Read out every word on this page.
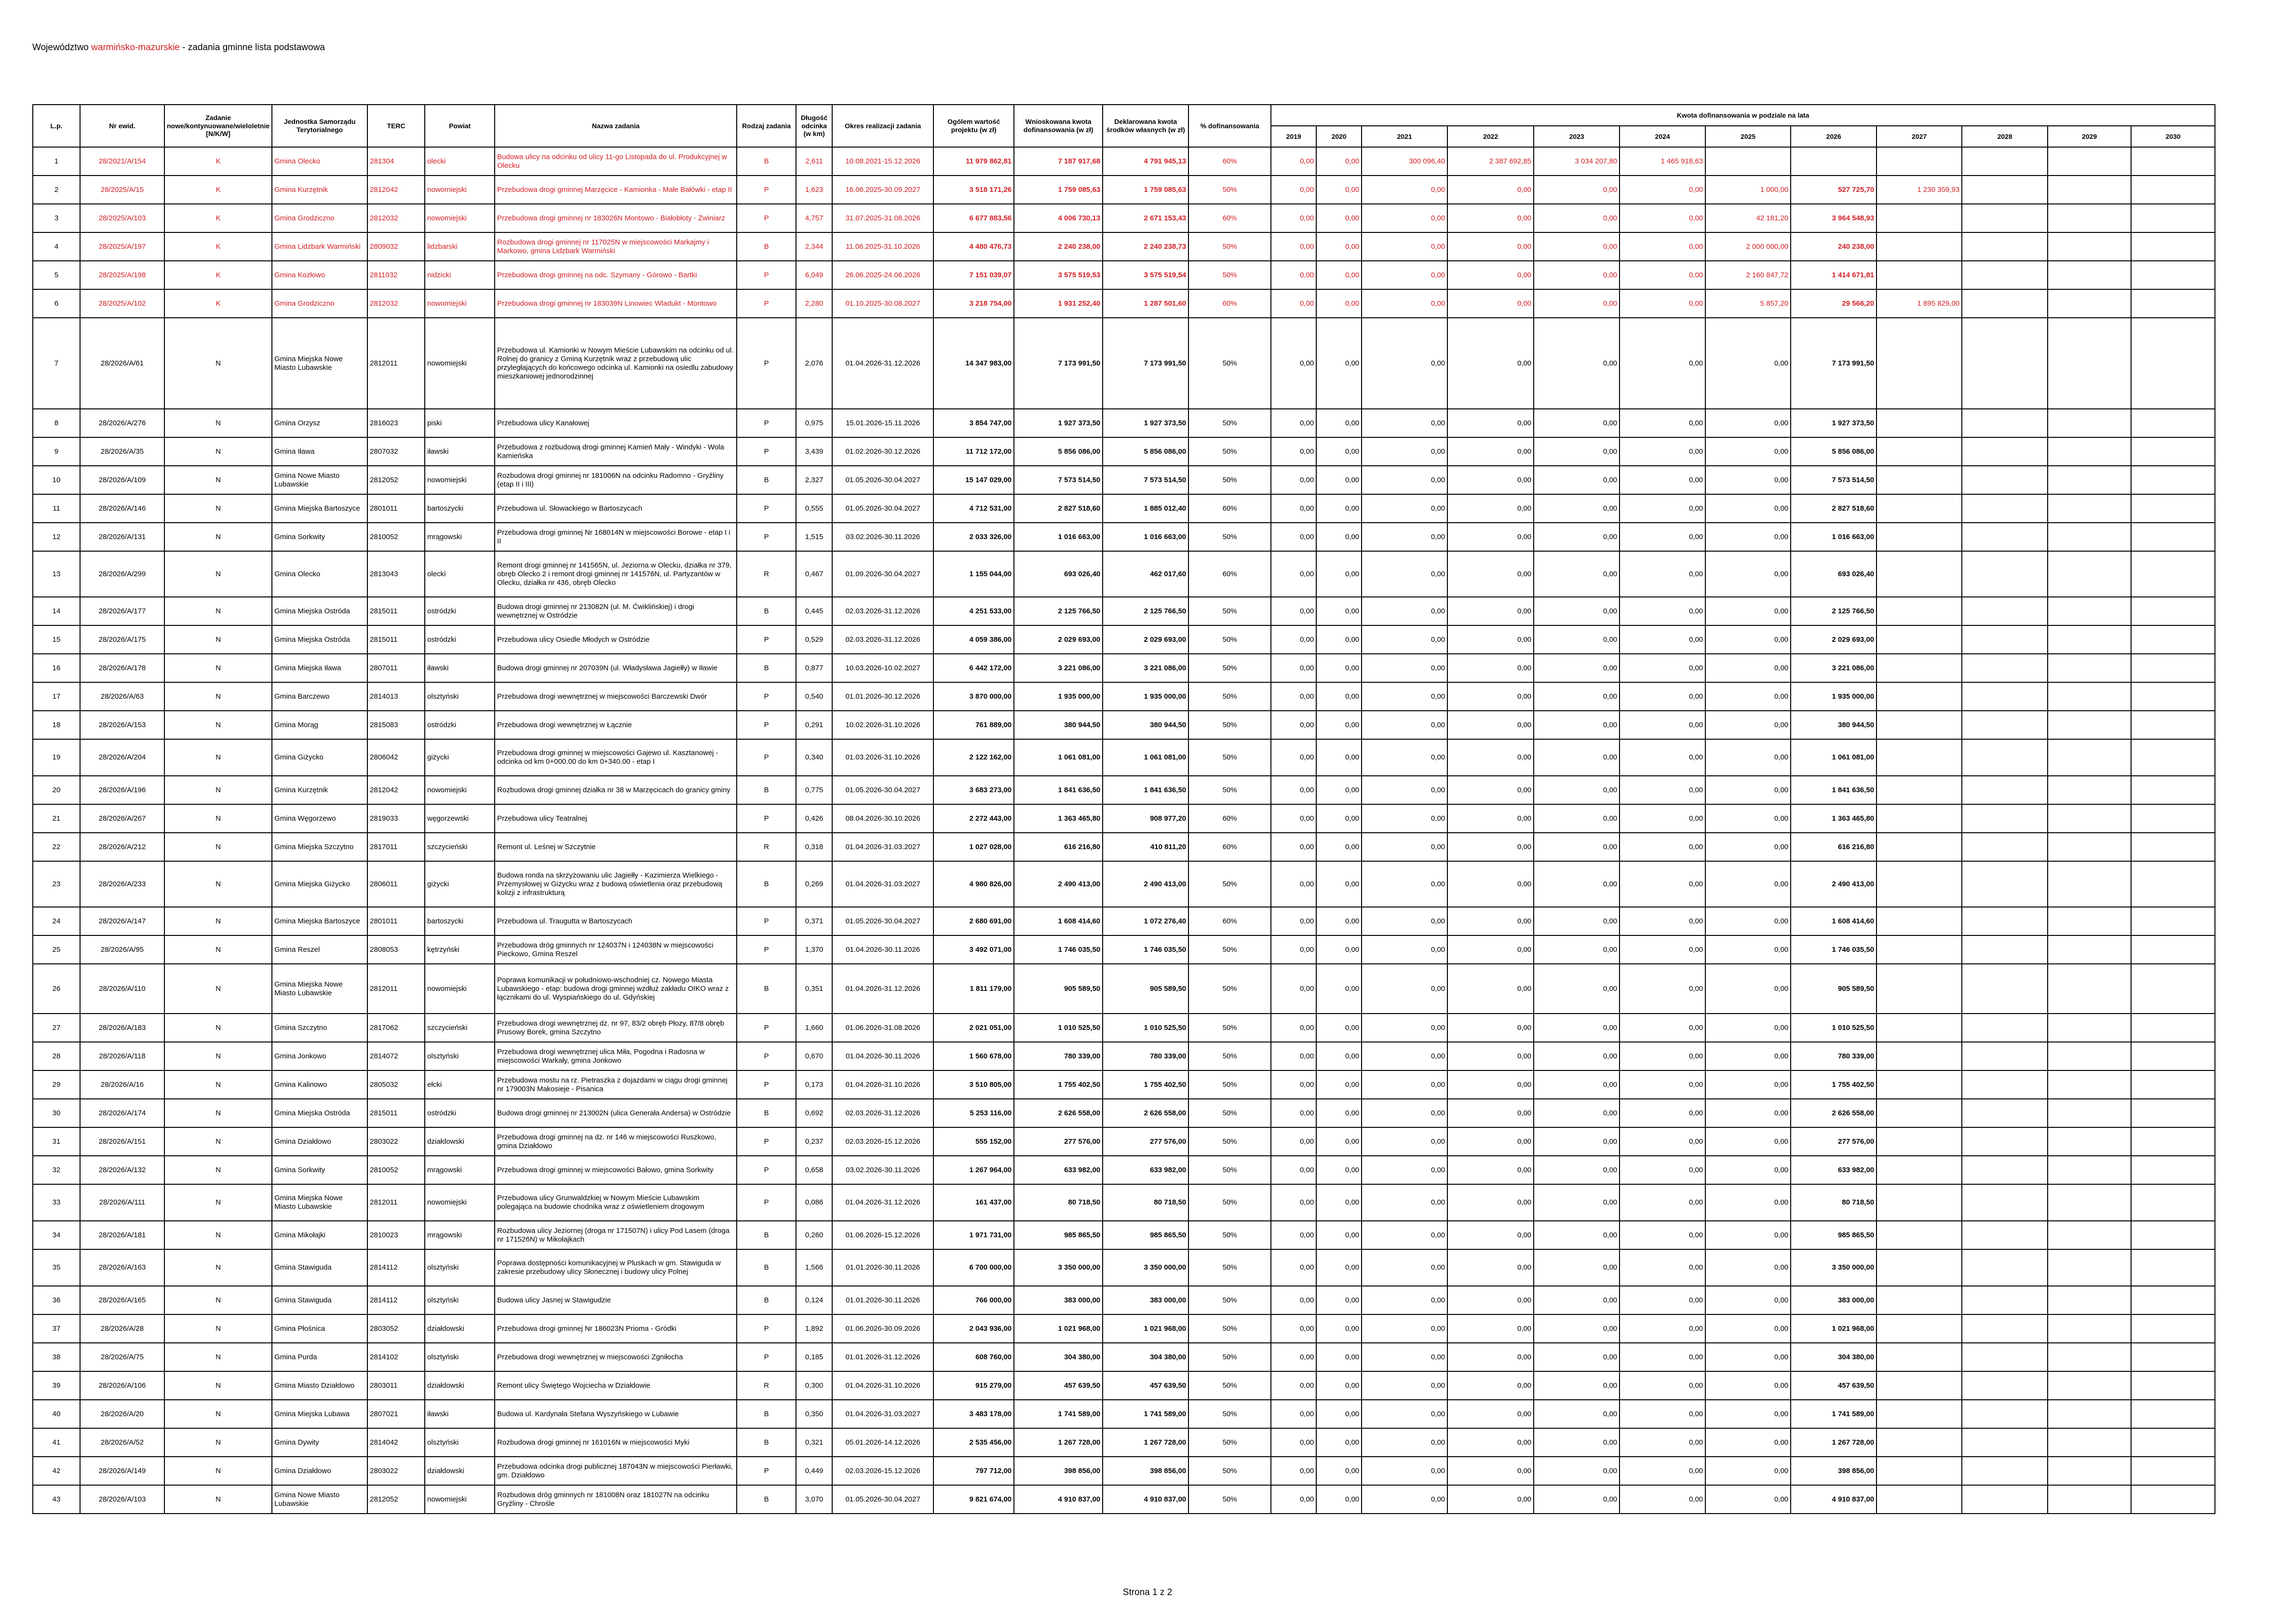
Województwo warmińsko-mazurskie - zadania gminne lista podstawowa
L.p.	Nr ewid.	Zadanie nowe/kontynuowane/wieloletnie [N/K/W]	Jednostka Samorządu Terytorialnego	TERC	Powiat	Nazwa zadania	Rodzaj zadania	Długość odcinka (w km)	Okres realizacji zadania	Ogólem wartość projektu (w zł)	Wnioskowana kwota dofinansowania (w zł)	Deklarowana kwota środków własnych (w zł)	% dofinansowania	Kwota dofinansowania w podziale na lata											
														2019	2020	2021	2022	2023	2024	2025	2026	2027	2028	2029	2030
1	28/2021/A/154	K	Gmina Olecko	281304	olecki	Budowa ulicy na odcinku od ulicy 11-go Listopada do ul. Produkcyjnej w Olecku	B	2,611	10.08.2021-15.12.2026	11 979 862,81	7 187 917,68	4 791 945,13	60%	0,00	0,00	300 096,40	2 387 692,85	3 034 207,80	1 465 918,63						
2	28/2025/A/15	K	Gmina Kurzętnik	2812042	nowomiejski	Przebudowa drogi gminnej Marzęcice - Kamionka - Małe Bałówki - etap II	P	1,623	16.06.2025-30.09.2027	3 518 171,26	1 759 085,63	1 759 085,63	50%	0,00	0,00	0,00	0,00	0,00	0,00	1 000,00	527 725,70	1 230 359,93			
3	28/2025/A/103	K	Gmina Grodziczno	2812032	nowomiejski	Przebudowa drogi gminnej nr 183026N Montowo - Białobłoty - Zwiniarz	P	4,757	31.07.2025-31.08.2026	6 677 883,56	4 006 730,13	2 671 153,43	60%	0,00	0,00	0,00	0,00	0,00	0,00	42 181,20	3 964 548,93				
4	28/2025/A/197	K	Gmina Lidzbark Warmiński	2809032	lidzbarski	Rozbudowa drogi gminnej nr 117025N w miejscowości Markajmy i Markowo, gmina Lidzbark Warmiński	B	2,344	11.06.2025-31.10.2026	4 480 476,73	2 240 238,00	2 240 238,73	50%	0,00	0,00	0,00	0,00	0,00	0,00	2 000 000,00	240 238,00				
5	28/2025/A/198	K	Gmina Kozłowo	2811032	nidzicki	Przebudowa drogi gminnej na odc. Szymany - Górowo - Bartki	P	6,049	26.06.2025-24.06.2026	7 151 039,07	3 575 519,53	3 575 519,54	50%	0,00	0,00	0,00	0,00	0,00	0,00	2 160 847,72	1 414 671,81				
6	28/2025/A/102	K	Gmina Grodziczno	2812032	nowomiejski	Przebudowa drogi gminnej nr 183039N Linowiec Wladukt - Montowo	P	2,280	01.10.2025-30.08.2027	3 218 754,00	1 931 252,40	1 287 501,60	60%	0,00	0,00	0,00	0,00	0,00	0,00	5 857,20	29 566,20	1 895 829,00			
7	28/2026/A/61	N	Gmina Miejska Nowe Miasto Lubawskie	2812011	nowomiejski	Przebudowa ul. Kamionki w Nowym Mieście Lubawskim na odcinku od ul. Rolnej do granicy z Gminą Kurzętnik wraz z przebudową ulic przyległających do końcowego odcinka ul. Kamionki na osiedlu zabudowy mieszkaniowej jednorodzinnej	P	2,076	01.04.2026-31.12.2026	14 347 983,00	7 173 991,50	7 173 991,50	50%	0,00	0,00	0,00	0,00	0,00	0,00	0,00	7 173 991,50				
8	28/2026/A/276	N	Gmina Orzysz	2816023	piski	Przebudowa ulicy Kanałowej	P	0,975	15.01.2026-15.11.2026	3 854 747,00	1 927 373,50	1 927 373,50	50%	0,00	0,00	0,00	0,00	0,00	0,00	0,00	1 927 373,50				
9	28/2026/A/35	N	Gmina Iława	2807032	iławski	Przebudowa z rozbudową drogi gminnej Kamień Mały - Windyki - Wola Kamieńska	P	3,439	01.02.2026-30.12.2026	11 712 172,00	5 856 086,00	5 856 086,00	50%	0,00	0,00	0,00	0,00	0,00	0,00	0,00	5 856 086,00				
10	28/2026/A/109	N	Gmina Nowe Miasto Lubawskie	2812052	nowomiejski	Rozbudowa drogi gminnej nr 181006N na odcinku Radomno - Gryźliny (etap II i III)	B	2,327	01.05.2026-30.04.2027	15 147 029,00	7 573 514,50	7 573 514,50	50%	0,00	0,00	0,00	0,00	0,00	0,00	0,00	7 573 514,50				
11	28/2026/A/146	N	Gmina Miejska Bartoszyce	2801011	bartoszycki	Przebudowa ul. Słowackiego w Bartoszycach	P	0,555	01.05.2026-30.04.2027	4 712 531,00	2 827 518,60	1 885 012,40	60%	0,00	0,00	0,00	0,00	0,00	0,00	0,00	2 827 518,60				
12	28/2026/A/131	N	Gmina Sorkwity	2810052	mrągowski	Przebudowa drogi gminnej Nr 168014N w miejscowości Borowe - etap I i II	P	1,515	03.02.2026-30.11.2026	2 033 326,00	1 016 663,00	1 016 663,00	50%	0,00	0,00	0,00	0,00	0,00	0,00	0,00	1 016 663,00				
13	28/2026/A/299	N	Gmina Olecko	2813043	olecki	Remont drogi gminnej nr 141565N, ul. Jeziorna w Olecku, działka nr 379, obręb Olecko 2 i remont drogi gminnej nr 141576N, ul. Partyzantów w Olecku, działka nr 436, obręb Olecko	R	0,467	01.09.2026-30.04.2027	1 155 044,00	693 026,40	462 017,60	60%	0,00	0,00	0,00	0,00	0,00	0,00	0,00	693 026,40				
14	28/2026/A/177	N	Gmina Miejska Ostróda	2815011	ostródzki	Budowa drogi gminnej nr 213082N (ul. M. Ćwiklińskiej) i drogi wewnętrznej w Ostródzie	B	0,445	02.03.2026-31.12.2026	4 251 533,00	2 125 766,50	2 125 766,50	50%	0,00	0,00	0,00	0,00	0,00	0,00	0,00	2 125 766,50				
15	28/2026/A/175	N	Gmina Miejska Ostróda	2815011	ostródzki	Przebudowa ulicy Osiedle Młodych w Ostródzie	P	0,529	02.03.2026-31.12.2026	4 059 386,00	2 029 693,00	2 029 693,00	50%	0,00	0,00	0,00	0,00	0,00	0,00	0,00	2 029 693,00				
16	28/2026/A/178	N	Gmina Miejska Iława	2807011	iławski	Budowa drogi gminnej nr 207039N (ul. Władysława Jagiełły) w Iławie	B	0,877	10.03.2026-10.02.2027	6 442 172,00	3 221 086,00	3 221 086,00	50%	0,00	0,00	0,00	0,00	0,00	0,00	0,00	3 221 086,00				
17	28/2026/A/63	N	Gmina Barczewo	2814013	olsztyński	Przebudowa drogi wewnętrznej w miejscowości Barczewski Dwór	P	0,540	01.01.2026-30.12.2026	3 870 000,00	1 935 000,00	1 935 000,00	50%	0,00	0,00	0,00	0,00	0,00	0,00	0,00	1 935 000,00				
18	28/2026/A/153	N	Gmina Morąg	2815083	ostródzki	Przebudowa drogi wewnętrznej w Łącznie	P	0,291	10.02.2026-31.10.2026	761 889,00	380 944,50	380 944,50	50%	0,00	0,00	0,00	0,00	0,00	0,00	0,00	380 944,50				
19	28/2026/A/204	N	Gmina Giżycko	2806042	giżycki	Przebudowa drogi gminnej w miejscowości Gajewo ul. Kasztanowej - odcinka od km 0+000.00 do km 0+340.00 - etap I	P	0,340	01.03.2026-31.10.2026	2 122 162,00	1 061 081,00	1 061 081,00	50%	0,00	0,00	0,00	0,00	0,00	0,00	0,00	1 061 081,00				
20	28/2026/A/196	N	Gmina Kurzętnik	2812042	nowomiejski	Rozbudowa drogi gminnej działka nr 38 w Marzęcicach do granicy gminy	B	0,775	01.05.2026-30.04.2027	3 683 273,00	1 841 636,50	1 841 636,50	50%	0,00	0,00	0,00	0,00	0,00	0,00	0,00	1 841 636,50				
21	28/2026/A/267	N	Gmina Węgorzewo	2819033	węgorzewski	Przebudowa ulicy Teatralnej	P	0,426	08.04.2026-30.10.2026	2 272 443,00	1 363 465,80	908 977,20	60%	0,00	0,00	0,00	0,00	0,00	0,00	0,00	1 363 465,80				
22	28/2026/A/212	N	Gmina Miejska Szczytno	2817011	szczycieński	Remont ul. Leśnej w Szczytnie	R	0,318	01.04.2026-31.03.2027	1 027 028,00	616 216,80	410 811,20	60%	0,00	0,00	0,00	0,00	0,00	0,00	0,00	616 216,80				
23	28/2026/A/233	N	Gmina Miejska Giżycko	2806011	giżycki	Budowa ronda na skrzyżowaniu ulic Jagiełły - Kazimierza Wielkiego - Przemysłowej w Giżycku wraz z budową oświetlenia oraz przebudową kolizji z infrastrukturą	B	0,269	01.04.2026-31.03.2027	4 980 826,00	2 490 413,00	2 490 413,00	50%	0,00	0,00	0,00	0,00	0,00	0,00	0,00	2 490 413,00				
24	28/2026/A/147	N	Gmina Miejska Bartoszyce	2801011	bartoszycki	Przebudowa ul. Traugutta w Bartoszycach	P	0,371	01.05.2026-30.04.2027	2 680 691,00	1 608 414,60	1 072 276,40	60%	0,00	0,00	0,00	0,00	0,00	0,00	0,00	1 608 414,60				
25	28/2026/A/95	N	Gmina Reszel	2808053	kętrzyński	Przebudowa dróg gminnych nr 124037N i 124038N w miejscowości Pieckowo, Gmina Reszel	P	1,370	01.04.2026-30.11.2026	3 492 071,00	1 746 035,50	1 746 035,50	50%	0,00	0,00	0,00	0,00	0,00	0,00	0,00	1 746 035,50				
26	28/2026/A/110	N	Gmina Miejska Nowe Miasto Lubawskie	2812011	nowomiejski	Poprawa komunikacji w południowo-wschodniej cz. Nowego Miasta Lubawskiego - etap: budowa drogi gminnej wzdłuż zakładu OIKO wraz z łącznikami do ul. Wyspiańskiego do ul. Gdyńskiej	B	0,351	01.04.2026-31.12.2026	1 811 179,00	905 589,50	905 589,50	50%	0,00	0,00	0,00	0,00	0,00	0,00	0,00	905 589,50				
27	28/2026/A/183	N	Gmina Szczytno	2817062	szczycieński	Przebudowa drogi wewnętrznej dz. nr 97, 83/2 obręb Płozy, 87/8 obręb Prusowy Borek, gmina Szczytno	P	1,660	01.06.2026-31.08.2026	2 021 051,00	1 010 525,50	1 010 525,50	50%	0,00	0,00	0,00	0,00	0,00	0,00	0,00	1 010 525,50				
28	28/2026/A/118	N	Gmina Jonkowo	2814072	olsztyński	Przebudowa drogi wewnętrznej ulica Miła, Pogodna i Radosna w miejscowości Warkały, gmina Jonkowo	P	0,670	01.04.2026-30.11.2026	1 560 678,00	780 339,00	780 339,00	50%	0,00	0,00	0,00	0,00	0,00	0,00	0,00	780 339,00				
29	28/2026/A/16	N	Gmina Kalinowo	2805032	ełcki	Przebudowa mostu na rz. Pietraszka z dojazdami w ciągu drogi gminnej nr 179003N Makosieje - Pisanica	P	0,173	01.04.2026-31.10.2026	3 510 805,00	1 755 402,50	1 755 402,50	50%	0,00	0,00	0,00	0,00	0,00	0,00	0,00	1 755 402,50				
30	28/2026/A/174	N	Gmina Miejska Ostróda	2815011	ostródzki	Budowa drogi gminnej nr 213002N (ulica Generała Andersa) w Ostródzie	B	0,692	02.03.2026-31.12.2026	5 253 116,00	2 626 558,00	2 626 558,00	50%	0,00	0,00	0,00	0,00	0,00	0,00	0,00	2 626 558,00				
31	28/2026/A/151	N	Gmina Działdowo	2803022	działdowski	Przebudowa drogi gminnej na dz. nr 146 w miejscowości Ruszkowo, gmina Działdowo	P	0,237	02.03.2026-15.12.2026	555 152,00	277 576,00	277 576,00	50%	0,00	0,00	0,00	0,00	0,00	0,00	0,00	277 576,00				
32	28/2026/A/132	N	Gmina Sorkwity	2810052	mrągowski	Przebudowa drogi gminnej w miejscowości Bałowo, gmina Sorkwity	P	0,658	03.02.2026-30.11.2026	1 267 964,00	633 982,00	633 982,00	50%	0,00	0,00	0,00	0,00	0,00	0,00	0,00	633 982,00				
33	28/2026/A/111	N	Gmina Miejska Nowe Miasto Lubawskie	2812011	nowomiejski	Przebudowa ulicy Grunwaldzkiej w Nowym Mieście Lubawskim polegająca na budowie chodnika wraz z oświetleniem drogowym	P	0,086	01.04.2026-31.12.2026	161 437,00	80 718,50	80 718,50	50%	0,00	0,00	0,00	0,00	0,00	0,00	0,00	80 718,50				
34	28/2026/A/181	N	Gmina Mikołajki	2810023	mrągowski	Rozbudowa ulicy Jeziornej (droga nr 171507N) i ulicy Pod Lasem (droga nr 171526N) w Mikołajkach	B	0,260	01.06.2026-15.12.2026	1 971 731,00	985 865,50	985 865,50	50%	0,00	0,00	0,00	0,00	0,00	0,00	0,00	985 865,50				
35	28/2026/A/163	N	Gmina Stawiguda	2814112	olsztyński	Poprawa dostępności komunikacyjnej w Pluskach w gm. Stawiguda w zakresie przebudowy ulicy Słonecznej i budowy ulicy Polnej	B	1,566	01.01.2026-30.11.2026	6 700 000,00	3 350 000,00	3 350 000,00	50%	0,00	0,00	0,00	0,00	0,00	0,00	0,00	3 350 000,00				
36	28/2026/A/165	N	Gmina Stawiguda	2814112	olsztyński	Budowa ulicy Jasnej w Stawigudzie	B	0,124	01.01.2026-30.11.2026	766 000,00	383 000,00	383 000,00	50%	0,00	0,00	0,00	0,00	0,00	0,00	0,00	383 000,00				
37	28/2026/A/28	N	Gmina Płośnica	2803052	działdowski	Przebudowa drogi gminnej Nr 186023N Prioma - Gródki	P	1,892	01.06.2026-30.09.2026	2 043 936,00	1 021 968,00	1 021 968,00	50%	0,00	0,00	0,00	0,00	0,00	0,00	0,00	1 021 968,00				
38	28/2026/A/75	N	Gmina Purda	2814102	olsztyński	Przebudowa drogi wewnętrznej w miejscowości Zgniłocha	P	0,185	01.01.2026-31.12.2026	608 760,00	304 380,00	304 380,00	50%	0,00	0,00	0,00	0,00	0,00	0,00	0,00	304 380,00				
39	28/2026/A/106	N	Gmina Miasto Działdowo	2803011	działdowski	Remont ulicy Świętego Wojciecha w Działdowie	R	0,300	01.04.2026-31.10.2026	915 279,00	457 639,50	457 639,50	50%	0,00	0,00	0,00	0,00	0,00	0,00	0,00	457 639,50				
40	28/2026/A/20	N	Gmina Miejska Lubawa	2807021	iławski	Budowa ul. Kardynała Stefana Wyszyńskiego w Lubawie	B	0,350	01.04.2026-31.03.2027	3 483 178,00	1 741 589,00	1 741 589,00	50%	0,00	0,00	0,00	0,00	0,00	0,00	0,00	1 741 589,00				
41	28/2026/A/52	N	Gmina Dywity	2814042	olsztyński	Rozbudowa drogi gminnej nr 161016N w miejscowości Myki	B	0,321	05.01.2026-14.12.2026	2 535 456,00	1 267 728,00	1 267 728,00	50%	0,00	0,00	0,00	0,00	0,00	0,00	0,00	1 267 728,00				
42	28/2026/A/149	N	Gmina Działdowo	2803022	działdowski	Przebudowa odcinka drogi publicznej 187043N w miejscowości Pierławki, gm. Działdowo	P	0,449	02.03.2026-15.12.2026	797 712,00	398 856,00	398 856,00	50%	0,00	0,00	0,00	0,00	0,00	0,00	0,00	398 856,00				
43	28/2026/A/103	N	Gmina Nowe Miasto Lubawskie	2812052	nowomiejski	Rozbudowa dróg gminnych nr 181008N oraz 181027N na odcinku Gryźliny - Chrośle	B	3,070	01.05.2026-30.04.2027	9 821 674,00	4 910 837,00	4 910 837,00	50%	0,00	0,00	0,00	0,00	0,00	0,00	0,00	4 910 837,00				
Strona 1 z 2
